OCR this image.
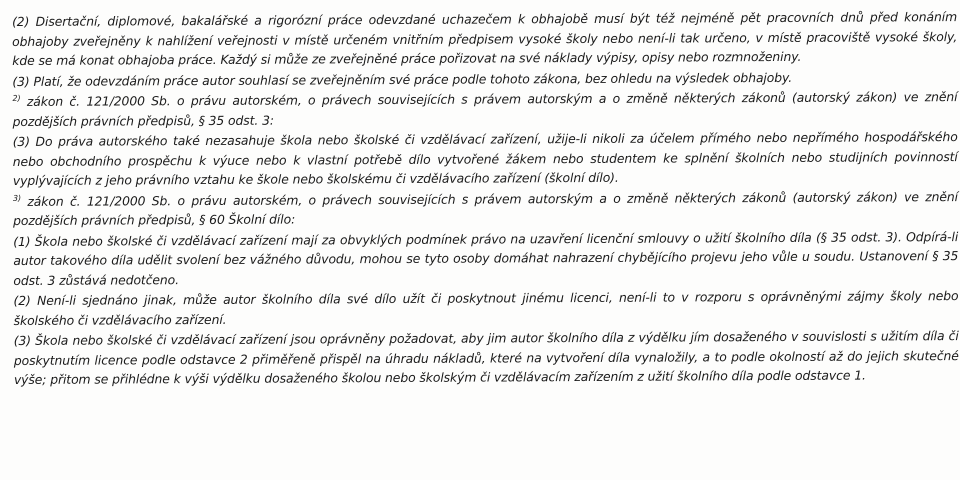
(2) Disertační, diplomové, bakalářské a rigorózní práce odevzdané uchazečem k obhajobě musí být též nejméně pět pracovních dnů před konáním obhajoby zveřejněny k nahlížení veřejnosti v místě určeném vnitřním předpisem vysoké školy nebo není-li tak určeno, v místě pracoviště vysoké školy, kde se má konat obhajoba práce. Každý si může ze zveřejněné práce pořizovat na své náklady výpisy, opisy nebo rozmnoženiny.

(3) Platí, že odevzdáním práce autor souhlasí se zveřejněním své práce podle tohoto zákona, bez ohledu na výsledek obhajoby.

$^{2)}$ zákon č. 121/2000 Sb. o právu autorském, o právech souvisejících s právem autorským a o změně některých zákonů (autorský zákon) ve znění pozdějších právních předpisů, § 35 odst. 3:

(3) Do práva autorského také nezasahuje škola nebo školské či vzdělávací zařízení, užije-li nikoli za účelem přímého nebo nepřímého hospodářského nebo obchodního prospěchu k výuce nebo k vlastní potřebě dílo vytvořené žákem nebo studentem ke splnění školních nebo studijních povinností vyplývajících z jeho právního vztahu ke škole nebo školskému či vzdělávacího zařízení (školní dílo).

$^{3)}$ zákon č. 121/2000 Sb. o právu autorském, o právech souvisejících s právem autorským a o změně některých zákonů (autorský zákon) ve znění pozdějších právních předpisů, § 60 Školní dílo:

(1) Škola nebo školské či vzdělávací zařízení mají za obvyklých podmínek právo na uzavření licenční smlouvy o užití školního díla (§ 35 odst. 3). Odpírá-li autor takového díla udělit svolení bez vážného důvodu, mohou se tyto osoby domáhat nahrazení chybějícího projevu jeho vůle u soudu. Ustanovení § 35 odst. 3 zůstává nedotčeno.

(2) Není-li sjednáno jinak, může autor školního díla své dílo užít či poskytnout jinému licenci, není-li to v rozporu s oprávněnými zájmy školy nebo školského či vzdělávacího zařízení.

(3) Škola nebo školské či vzdělávací zařízení jsou oprávněny požadovat, aby jim autor školního díla z výdělku jím dosaženého v souvislosti s užitím díla či poskytnutím licence podle odstavce 2 přiměřeně přispěl na úhradu nákladů, které na vytvoření díla vynaložily, a to podle okolností až do jejich skutečné výše; přitom se přihlédne k výši výdělku dosaženého školou nebo školským či vzdělávacím zařízením z užití školního díla podle odstavce 1.
